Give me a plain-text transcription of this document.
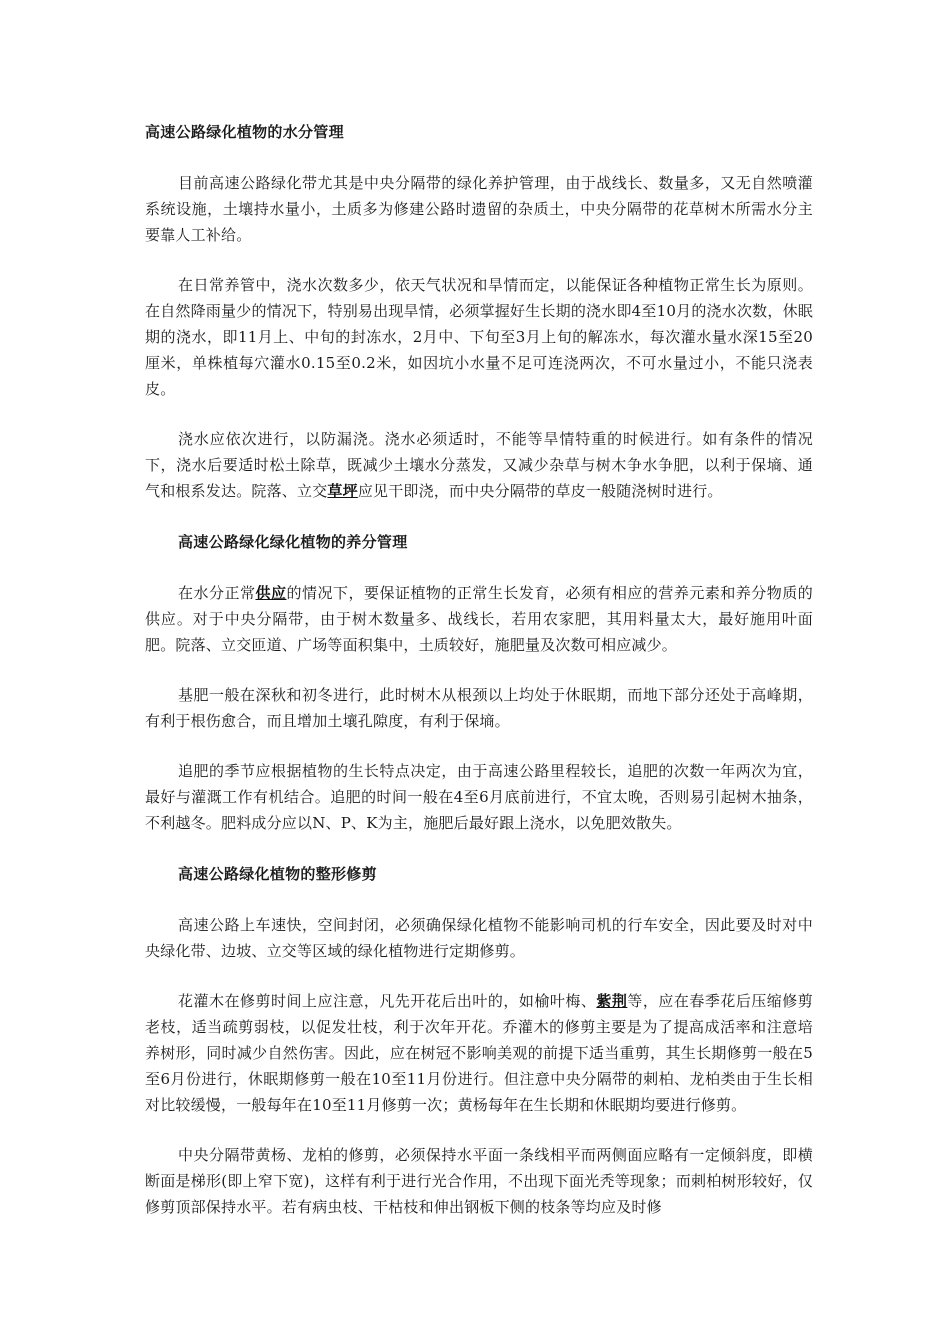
高速公路绿化植物的水分管理

目前高速公路绿化带尤其是中央分隔带的绿化养护管理，由于战线长、数量多，又无自然喷灌系统设施，土壤持水量小，土质多为修建公路时遗留的杂质土，中央分隔带的花草树木所需水分主要靠人工补给。

在日常养管中，浇水次数多少，依天气状况和旱情而定，以能保证各种植物正常生长为原则。在自然降雨量少的情况下，特别易出现旱情，必须掌握好生长期的浇水即4至10月的浇水次数，休眠期的浇水，即11月上、中旬的封冻水，2月中、下旬至3月上旬的解冻水，每次灌水量水深15至20厘米，单株植每穴灌水0.15至0.2米，如因坑小水量不足可连浇两次，不可水量过小，不能只浇表皮。

浇水应依次进行，以防漏浇。浇水必须适时，不能等旱情特重的时候进行。如有条件的情况下，浇水后要适时松土除草，既减少土壤水分蒸发，又减少杂草与树木争水争肥，以利于保墒、通气和根系发达。院落、立交草坪应见干即浇，而中央分隔带的草皮一般随浇树时进行。

高速公路绿化绿化植物的养分管理

在水分正常供应的情况下，要保证植物的正常生长发育，必须有相应的营养元素和养分物质的供应。对于中央分隔带，由于树木数量多、战线长，若用农家肥，其用料量太大，最好施用叶面肥。院落、立交匝道、广场等面积集中，土质较好，施肥量及次数可相应减少。

基肥一般在深秋和初冬进行，此时树木从根颈以上均处于休眠期，而地下部分还处于高峰期，有利于根伤愈合，而且增加土壤孔隙度，有利于保墒。

追肥的季节应根据植物的生长特点决定，由于高速公路里程较长，追肥的次数一年两次为宜，最好与灌溉工作有机结合。追肥的时间一般在4至6月底前进行，不宜太晚，否则易引起树木抽条，不利越冬。肥料成分应以N、P、K为主，施肥后最好跟上浇水，以免肥效散失。

高速公路绿化植物的整形修剪

高速公路上车速快，空间封闭，必须确保绿化植物不能影响司机的行车安全，因此要及时对中央绿化带、边坡、立交等区域的绿化植物进行定期修剪。

花灌木在修剪时间上应注意，凡先开花后出叶的，如榆叶梅、紫荆等，应在春季花后压缩修剪老枝，适当疏剪弱枝，以促发壮枝，利于次年开花。乔灌木的修剪主要是为了提高成活率和注意培养树形，同时减少自然伤害。因此，应在树冠不影响美观的前提下适当重剪，其生长期修剪一般在5至6月份进行，休眠期修剪一般在10至11月份进行。但注意中央分隔带的刺柏、龙柏类由于生长相对比较缓慢，一般每年在10至11月修剪一次；黄杨每年在生长期和休眠期均要进行修剪。

中央分隔带黄杨、龙柏的修剪，必须保持水平面一条线相平而两侧面应略有一定倾斜度，即横断面是梯形(即上窄下宽)，这样有利于进行光合作用，不出现下面光秃等现象；而刺柏树形较好，仅修剪顶部保持水平。若有病虫枝、干枯枝和伸出钢板下侧的枝条等均应及时修
